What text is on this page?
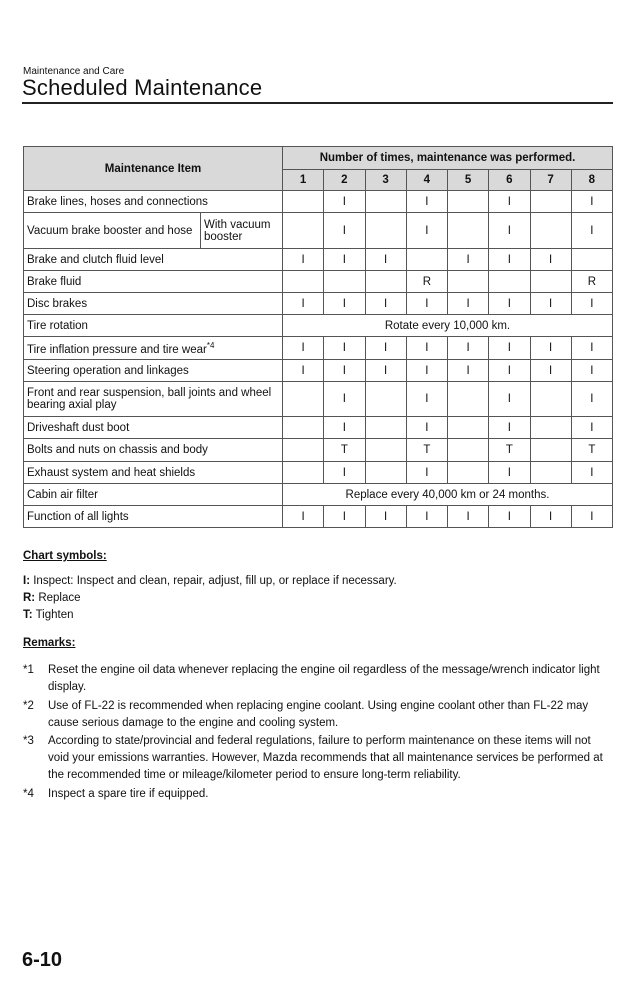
Maintenance and Care
Scheduled Maintenance
Maintenance Item		Number of times, maintenance was performed.							
		1	2	3	4	5	6	7	8
Brake lines, hoses and connections			I		I		I		I
Vacuum brake booster and hose	With vacuum booster		I		I		I		I
Brake and clutch fluid level		I	I	I		I	I	I	
Brake fluid					R				R
Disc brakes		I	I	I	I	I	I	I	I
Tire rotation		Rotate every 10,000 km.							
Tire inflation pressure and tire wear$^{*4}$		I	I	I	I	I	I	I	I
Steering operation and linkages		I	I	I	I	I	I	I	I
Front and rear suspension, ball joints and wheel bearing axial play			I		I		I		I
Driveshaft dust boot			I		I		I		I
Bolts and nuts on chassis and body			T		T		T		T
Exhaust system and heat shields			I		I		I		I
Cabin air filter		Replace every 40,000 km or 24 months.							
Function of all lights		I	I	I	I	I	I	I	I
Chart symbols:
I: Inspect: Inspect and clean, repair, adjust, fill up, or replace if necessary.
R: Replace
T: Tighten
Remarks:
*1	Reset the engine oil data whenever replacing the engine oil regardless of the message/wrench indicator light display.
*2	Use of FL-22 is recommended when replacing engine coolant. Using engine coolant other than FL-22 may cause serious damage to the engine and cooling system.
*3	According to state/provincial and federal regulations, failure to perform maintenance on these items will not void your emissions warranties. However, Mazda recommends that all maintenance services be performed at the recommended time or mileage/kilometer period to ensure long-term reliability.
*4	Inspect a spare tire if equipped.
6-10
